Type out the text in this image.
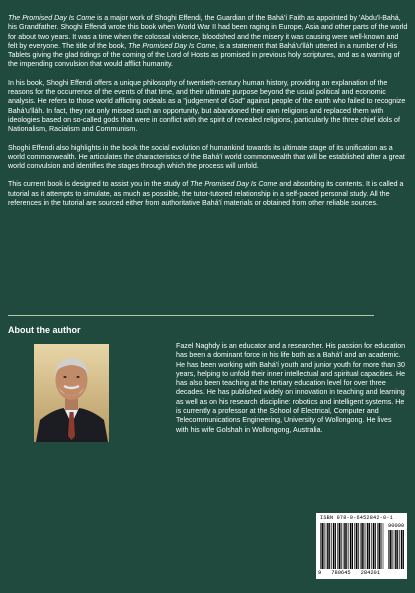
The Promised Day Is Come is a major work of Shoghi Effendi, the Guardian of the Bahá'í Faith as appointed by 'Abdu'l-Bahá, his Grandfather. Shoghi Effendi wrote this book when World War II had been raging in Europe, Asia and other parts of the world for about two years. It was a time when the colossal violence, bloodshed and the misery it was causing were well-known and felt by everyone. The title of the book, The Promised Day Is Come, is a statement that Bahá'u'lláh uttered in a number of His Tablets giving the glad tidings of the coming of the Lord of Hosts as promised in previous holy scriptures, and as a warning of the impending convulsion that would afflict humanity.

In his book, Shoghi Effendi offers a unique philosophy of twentieth-century human history, providing an explanation of the reasons for the occurrence of the events of that time, and their ultimate purpose beyond the usual political and economic analysis. He refers to those world afflicting ordeals as a "judgement of God" against people of the earth who failed to recognize Bahá'u'lláh. In fact, they not only missed such an opportunity, but abandoned their own religions and replaced them with ideologies based on so-called gods that were in conflict with the spirit of revealed religions, particularly the three chief idols of Nationalism, Racialism and Communism.

Shoghi Effendi also highlights in the book the social evolution of humankind towards its ultimate stage of its unification as a world commonwealth. He articulates the characteristics of the Bahá'í world commonwealth that will be established after a great world convulsion and identifies the stages through which the process will unfold.

This current book is designed to assist you in the study of The Promised Day Is Come and absorbing its contents. It is called a tutorial as it attempts to simulate, as much as possible, the tutor-tutored relationship in a self-paced personal study. All the references in the tutorial are sourced either from authoritative Bahá'í materials or obtained from other reliable sources.

About the author
Fazel Naghdy is an educator and a researcher. His passion for education has been a dominant force in his life both as a Bahá'í and an academic. He has been working with Bahá'í youth and junior youth for more than 30 years, helping to unfold their inner intellectual and spiritual capacities. He has also been teaching at the tertiary education level for over three decades. He has published widely on innovation in teaching and learning as well as on his research discipline: robotics and intelligent systems. He is currently a professor at the School of Electrical, Computer and Telecommunications Engineering, University of Wollongong. He lives with his wife Golshah in Wollongong, Australia.
ISBN 978-0-6452842-0-1
90000
9 780645 284201
